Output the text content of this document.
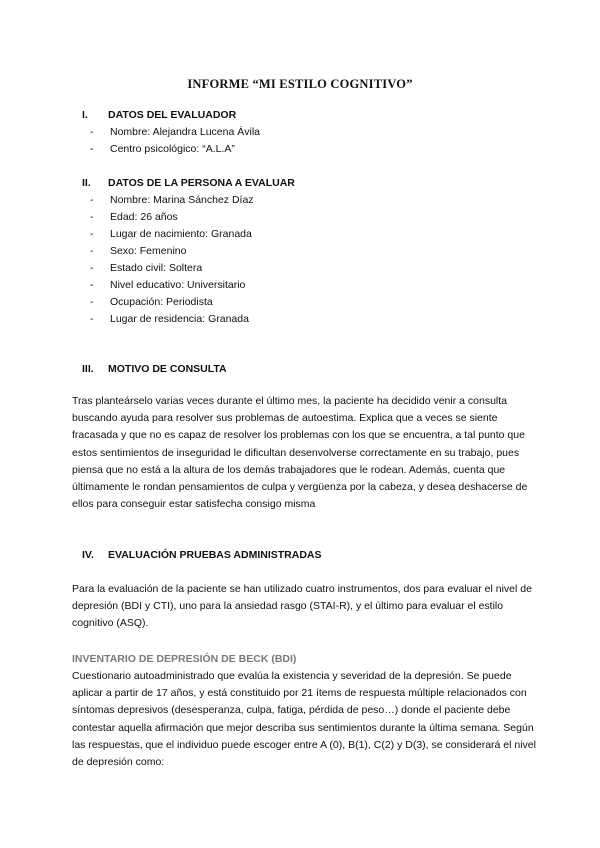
INFORME “MI ESTILO COGNITIVO”
I. DATOS DEL EVALUADOR
- Nombre: Alejandra Lucena Ávila
- Centro psicológico: “A.L.A”
II. DATOS DE LA PERSONA A EVALUAR
- Nombre: Marina Sánchez Díaz
- Edad: 26 años
- Lugar de nacimiento: Granada
- Sexo: Femenino
- Estado civil: Soltera
- Nivel educativo: Universitario
- Ocupación: Periodista
- Lugar de residencia: Granada
III. MOTIVO DE CONSULTA

Tras planteárselo varias veces durante el último mes, la paciente ha decidido venir a consulta buscando ayuda para resolver sus problemas de autoestima. Explica que a veces se siente fracasada y que no es capaz de resolver los problemas con los que se encuentra, a tal punto que estos sentimientos de inseguridad le dificultan desenvolverse correctamente en su trabajo, pues piensa que no está a la altura de los demás trabajadores que le rodean. Además, cuenta que últimamente le rondan pensamientos de culpa y vergüenza por la cabeza, y desea deshacerse de ellos para conseguir estar satisfecha consigo misma

IV. EVALUACIÓN PRUEBAS ADMINISTRADAS

Para la evaluación de la paciente se han utilizado cuatro instrumentos, dos para evaluar el nivel de depresión (BDI y CTI), uno para la ansiedad rasgo (STAI-R), y el último para evaluar el estilo cognitivo (ASQ).

INVENTARIO DE DEPRESIÓN DE BECK (BDI)

Cuestionario autoadministrado que evalúa la existencia y severidad de la depresión. Se puede aplicar a partir de 17 años, y está constituido por 21 ítems de respuesta múltiple relacionados con síntomas depresivos (desesperanza, culpa, fatiga, pérdida de peso…) donde el paciente debe contestar aquella afirmación que mejor describa sus sentimientos durante la última semana. Según las respuestas, que el individuo puede escoger entre A (0), B(1), C(2) y D(3), se considerará el nivel de depresión como:
